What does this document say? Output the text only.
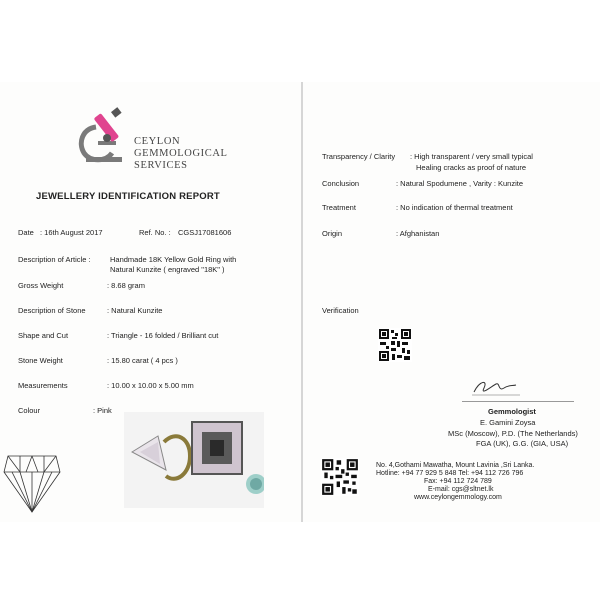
CEYLON
GEMMOLOGICAL
SERVICES
JEWELLERY IDENTIFICATION REPORT
Date : 16th August 2017	Ref. No. : CGSJ17081606
Description of Article :	Handmade 18K Yellow Gold Ring with
Natural Kunzite ( engraved "18K" )
Gross Weight	: 8.68 gram
Description of Stone	: Natural Kunzite
Shape and Cut	: Triangle - 16 folded / Brilliant cut
Stone Weight	: 15.80 carat ( 4 pcs )
Measurements	: 10.00 x 10.00 x 5.00 mm
Colour	: Pink
Transparency / Clarity : High transparent / very small typical
Healing cracks as proof of nature
Conclusion	: Natural Spodumene , Varity : Kunzite
Treatment	: No indication of thermal treatment
Origin	: Afghanistan
Verification
Gemmologist
E. Gamini Zoysa
MSc (Moscow), P.D. (The Netherlands)
FGA (UK), G.G. (GIA, USA)
No. 4,Gothami Mawatha, Mount Lavinia ,Sri Lanka.
Hotline: +94 77 929 5 848 Tel: +94 112 726 796
Fax: +94 112 724 789
E-mail: cgs@sltnet.lk
www.ceylongemmology.com
